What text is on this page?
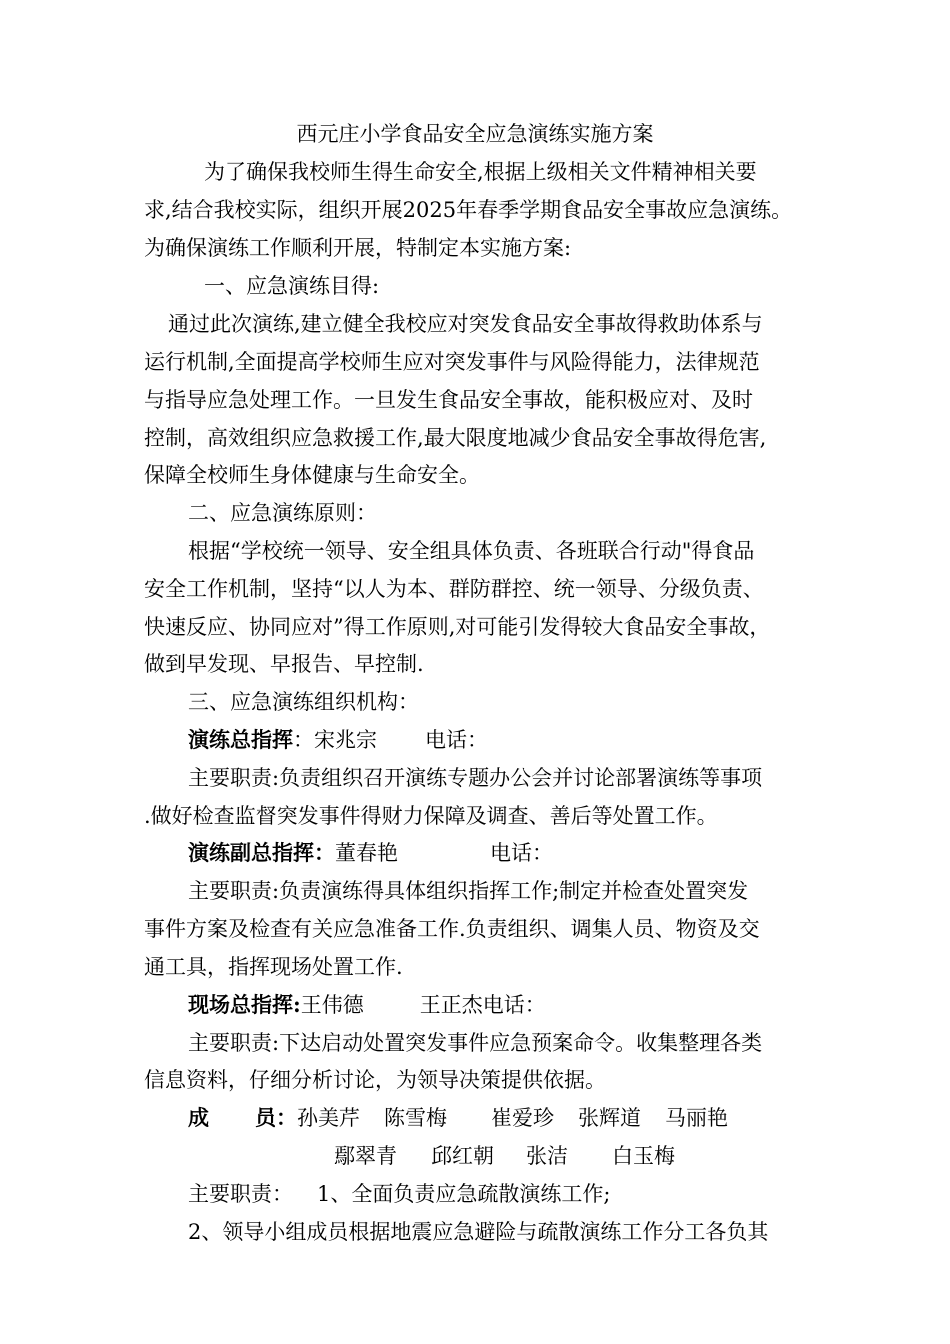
西元庄小学食品安全应急演练实施方案
为了确保我校师生得生命安全,根据上级相关文件精神相关要
求,结合我校实际，组织开展2025年春季学期食品安全事故应急演练。
为确保演练工作顺利开展，特制定本实施方案:
一、应急演练目得:
通过此次演练,建立健全我校应对突发食品安全事故得救助体系与
运行机制,全面提高学校师生应对突发事件与风险得能力，法律规范
与指导应急处理工作。一旦发生食品安全事故，能积极应对、及时
控制，高效组织应急救援工作,最大限度地减少食品安全事故得危害,
保障全校师生身体健康与生命安全。
二、应急演练原则：
根据“学校统一领导、安全组具体负责、各班联合行动"得食品
安全工作机制，坚持“以人为本、群防群控、统一领导、分级负责、
快速反应、协同应对”得工作原则,对可能引发得较大食品安全事故，
做到早发现、早报告、早控制.
三、应急演练组织机构：
演练总指挥：宋兆宗 电话：
主要职责:负责组织召开演练专题办公会并讨论部署演练等事项
.做好检查监督突发事件得财力保障及调查、善后等处置工作。
演练副总指挥：董春艳	电话：
主要职责:负责演练得具体组织指挥工作;制定并检查处置突发
事件方案及检查有关应急准备工作.负责组织、调集人员、物资及交
通工具，指挥现场处置工作.
现场总指挥:王伟德	王正杰电话：
主要职责:下达启动处置突发事件应急预案命令。收集整理各类
信息资料，仔细分析讨论，为领导决策提供依据。
成 员：孙美芹 陈雪梅 崔爱珍 张辉道 马丽艳
鄢翠青 邱红朝 张洁 白玉梅
主要职责： 1、全面负责应急疏散演练工作;
2、领导小组成员根据地震应急避险与疏散演练工作分工各负其
